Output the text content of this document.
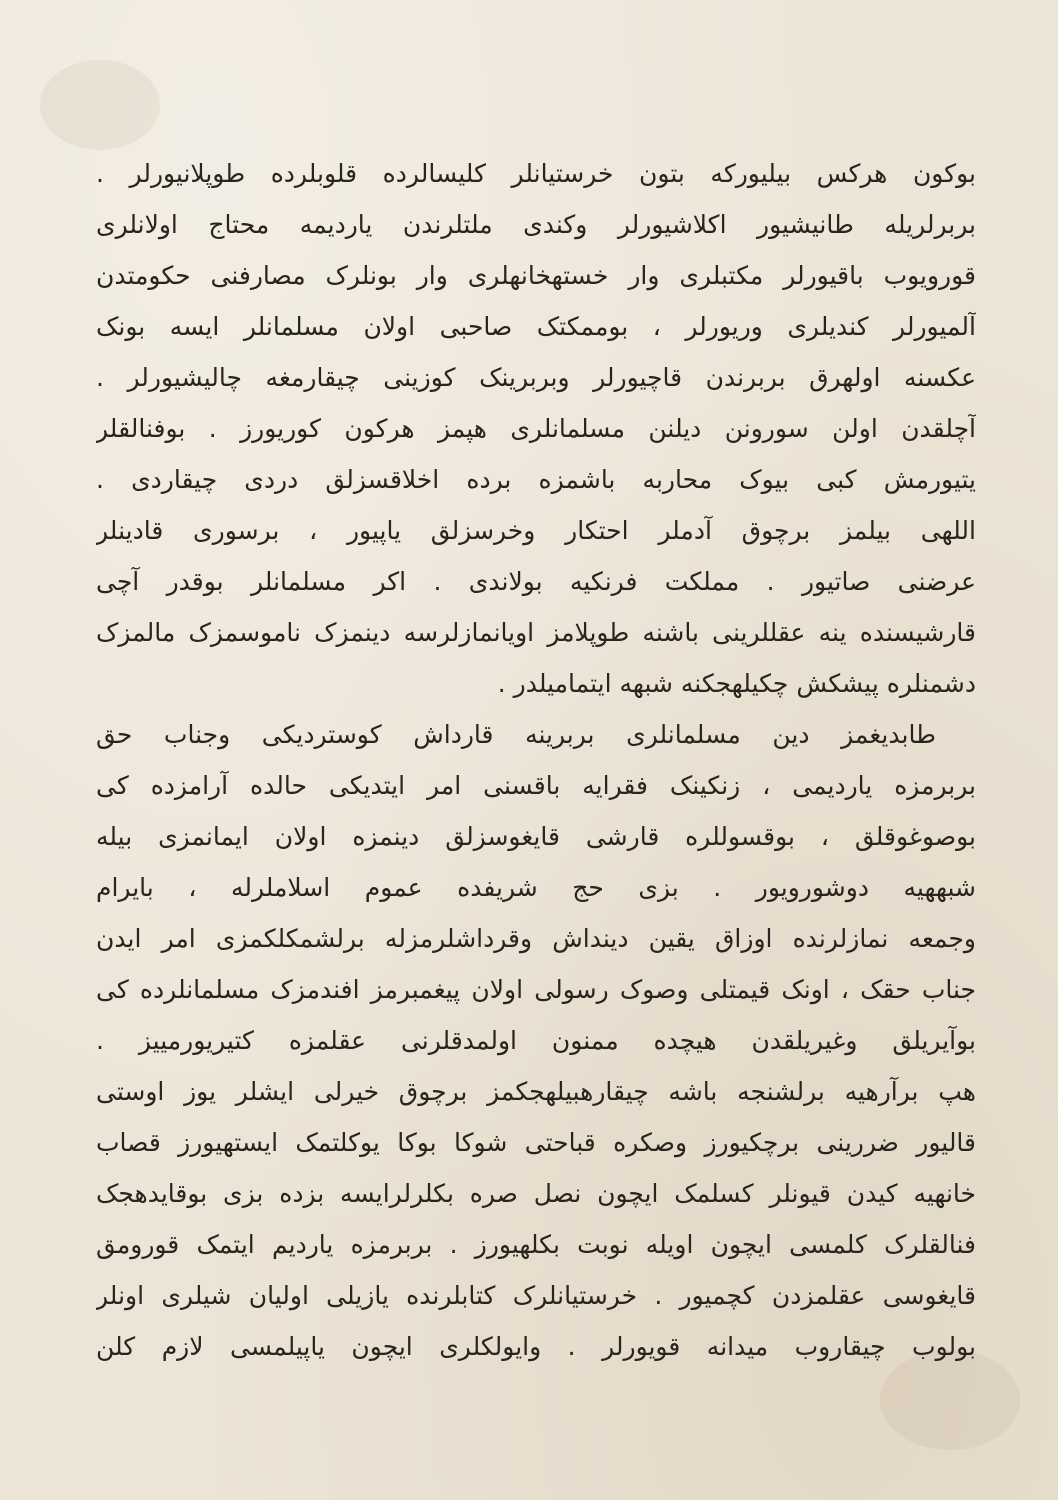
بوکون هرکس بیلیورکه بتون خرستیانلر کلیسالرده قلوبلرده طوپلانیورلر .
بربرلریله طانیشیور اکلاشیورلر وکندی ملتلرندن یاردیمه محتاج اولانلری
قورویوب باقیورلر مکتبلری وار خستهخانهلری وار بونلرک مصارفنی حکومتدن
آلمیورلر کندیلری وریورلر ، بوممکتک صاحبی اولان مسلمانلر ایسه بونک
عکسنه اولهرق بربرندن قاچیورلر وبربرینک کوزینی چیقارمغه چالیشیورلر .
آچلقدن اولن سورونن دیلنن مسلمانلری هپمز هرکون کوریورز . بوفنالقلر
یتیورمش کبی بیوک محاربه باشمزه برده اخلاقسزلق دردی چیقاردی .
اللهی بیلمز برچوق آدملر احتکار وخرسزلق یاپیور ، برسوری قادینلر
عرضنی صاتیور . مملکت فرنکیه بولاندی . اکر مسلمانلر بوقدر آچی
قارشیسنده ینه عقللرینی باشنه طوپلامز اویانمازلرسه دینمزک ناموسمزک مالمزک
دشمنلره پیشکش چکیلهجکنه شبهه ایتمامیلدر .
طابدیغمز دین مسلمانلری بربرینه قارداش کوستردیکی وجناب حق
بربرمزه یاردیمی ، زنکینک فقرایه باقسنی امر ایتدیکی حالده آرامزده کی
بوصوغوقلق ، بوقسوللره قارشی قایغوسزلق دینمزه اولان ایمانمزی بیله
شبههیه دوشورویور . بزی حج شریفده عموم اسلاملرله ، بایرام
وجمعه نمازلرنده اوزاق یقین دینداش وقرداشلرمزله برلشمکلکمزی امر ایدن
جناب حقک ، اونک قیمتلی وصوک رسولی اولان پیغمبرمز افندمزک مسلمانلرده کی
بوآیریلق وغیریلقدن هیچده ممنون اولمدقلرنی عقلمزه کتیریورمییز .
هپ برآرهیه برلشنجه باشه چیقارهبیلهجکمز برچوق خیرلی ایشلر یوز اوستی
قالیور ضررینی برچکیورز وصکره قباحتی شوکا بوکا یوکلتمک ایستهیورز قصاب
خانهیه کیدن قیونلر کسلمک ایچون نصل صره بکلرلرایسه بزده بزی بوقایدهجک
فنالقلرک کلمسی ایچون اویله نوبت بکلهیورز . بربرمزه یاردیم ایتمک قورومق
قایغوسی عقلمزدن کچمیور . خرستیانلرک کتابلرنده یازیلی اولیان شیلری اونلر
بولوب چیقاروب میدانه قویورلر . وایولکلری ایچون یاپیلمسی لازم کلن
